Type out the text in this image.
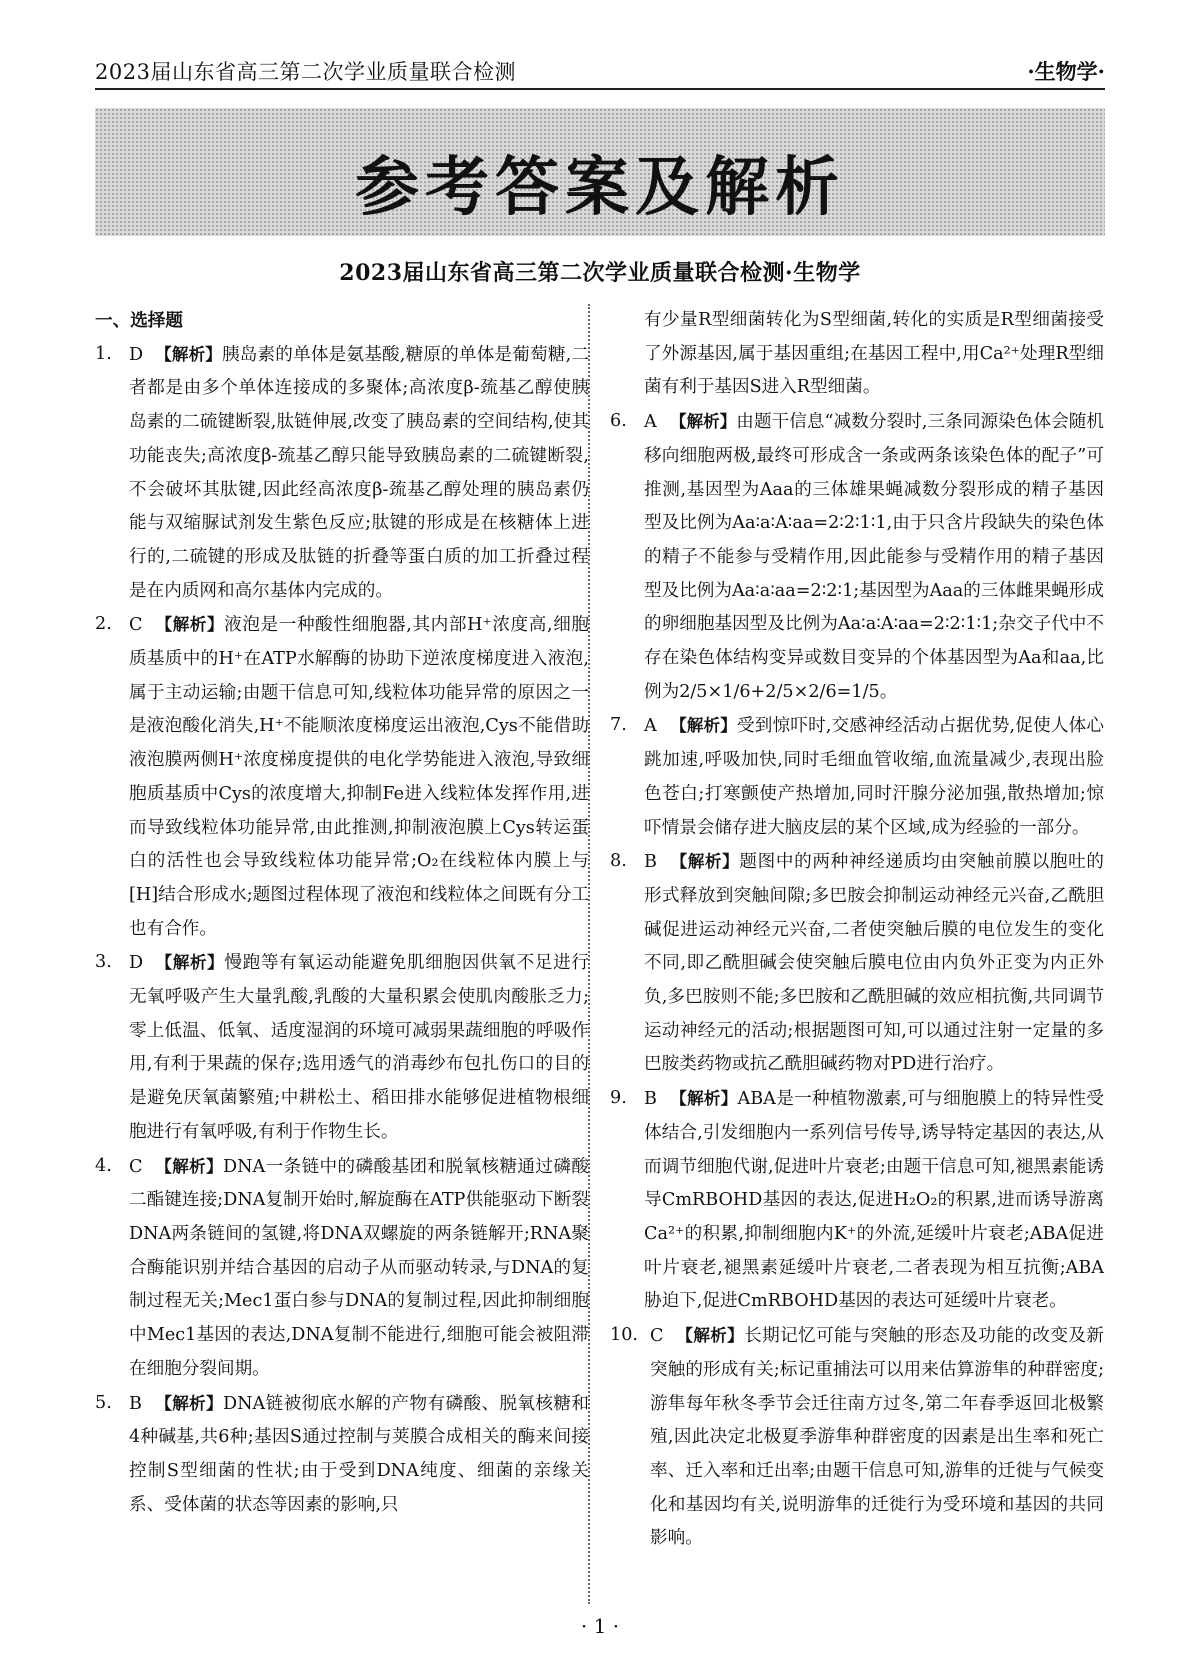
2023届山东省高三第二次学业质量联合检测	·生物学·
参考答案及解析
2023届山东省高三第二次学业质量联合检测·生物学
一、选择题
1. D 【解析】胰岛素的单体是氨基酸,糖原的单体是葡萄糖,二者都是由多个单体连接成的多聚体;高浓度β-巯基乙醇使胰岛素的二硫键断裂,肽链伸展,改变了胰岛素的空间结构,使其功能丧失;高浓度β-巯基乙醇只能导致胰岛素的二硫键断裂,不会破坏其肽键,因此经高浓度β-巯基乙醇处理的胰岛素仍能与双缩脲试剂发生紫色反应;肽键的形成是在核糖体上进行的,二硫键的形成及肽链的折叠等蛋白质的加工折叠过程是在内质网和高尔基体内完成的。
2. C 【解析】液泡是一种酸性细胞器,其内部H⁺浓度高,细胞质基质中的H⁺在ATP水解酶的协助下逆浓度梯度进入液泡,属于主动运输;由题干信息可知,线粒体功能异常的原因之一是液泡酸化消失,H⁺不能顺浓度梯度运出液泡,Cys不能借助液泡膜两侧H⁺浓度梯度提供的电化学势能进入液泡,导致细胞质基质中Cys的浓度增大,抑制Fe进入线粒体发挥作用,进而导致线粒体功能异常,由此推测,抑制液泡膜上Cys转运蛋白的活性也会导致线粒体功能异常;O₂在线粒体内膜上与[H]结合形成水;题图过程体现了液泡和线粒体之间既有分工也有合作。
3. D 【解析】慢跑等有氧运动能避免肌细胞因供氧不足进行无氧呼吸产生大量乳酸,乳酸的大量积累会使肌肉酸胀乏力;零上低温、低氧、适度湿润的环境可减弱果蔬细胞的呼吸作用,有利于果蔬的保存;选用透气的消毒纱布包扎伤口的目的是避免厌氧菌繁殖;中耕松土、稻田排水能够促进植物根细胞进行有氧呼吸,有利于作物生长。
4. C 【解析】DNA一条链中的磷酸基团和脱氧核糖通过磷酸二酯键连接;DNA复制开始时,解旋酶在ATP供能驱动下断裂DNA两条链间的氢键,将DNA双螺旋的两条链解开;RNA聚合酶能识别并结合基因的启动子从而驱动转录,与DNA的复制过程无关;Mec1蛋白参与DNA的复制过程,因此抑制细胞中Mec1基因的表达,DNA复制不能进行,细胞可能会被阻滞在细胞分裂间期。
5. B 【解析】DNA链被彻底水解的产物有磷酸、脱氧核糖和4种碱基,共6种;基因S通过控制与荚膜合成相关的酶来间接控制S型细菌的性状;由于受到DNA纯度、细菌的亲缘关系、受体菌的状态等因素的影响,只
有少量R型细菌转化为S型细菌,转化的实质是R型细菌接受了外源基因,属于基因重组;在基因工程中,用Ca²⁺处理R型细菌有利于基因S进入R型细菌。
6. A 【解析】由题干信息“减数分裂时,三条同源染色体会随机移向细胞两极,最终可形成含一条或两条该染色体的配子”可推测,基因型为Aaa的三体雄果蝇减数分裂形成的精子基因型及比例为Aa∶a∶A∶aa=2∶2∶1∶1,由于只含片段缺失的染色体的精子不能参与受精作用,因此能参与受精作用的精子基因型及比例为Aa∶a∶aa=2∶2∶1;基因型为Aaa的三体雌果蝇形成的卵细胞基因型及比例为Aa∶a∶A∶aa=2∶2∶1∶1;杂交子代中不存在染色体结构变异或数目变异的个体基因型为Aa和aa,比例为2/5×1/6+2/5×2/6=1/5。
7. A 【解析】受到惊吓时,交感神经活动占据优势,促使人体心跳加速,呼吸加快,同时毛细血管收缩,血流量减少,表现出脸色苍白;打寒颤使产热增加,同时汗腺分泌加强,散热增加;惊吓情景会储存进大脑皮层的某个区域,成为经验的一部分。
8. B 【解析】题图中的两种神经递质均由突触前膜以胞吐的形式释放到突触间隙;多巴胺会抑制运动神经元兴奋,乙酰胆碱促进运动神经元兴奋,二者使突触后膜的电位发生的变化不同,即乙酰胆碱会使突触后膜电位由内负外正变为内正外负,多巴胺则不能;多巴胺和乙酰胆碱的效应相抗衡,共同调节运动神经元的活动;根据题图可知,可以通过注射一定量的多巴胺类药物或抗乙酰胆碱药物对PD进行治疗。
9. B 【解析】ABA是一种植物激素,可与细胞膜上的特异性受体结合,引发细胞内一系列信号传导,诱导特定基因的表达,从而调节细胞代谢,促进叶片衰老;由题干信息可知,褪黑素能诱导CmRBOHD基因的表达,促进H₂O₂的积累,进而诱导游离Ca²⁺的积累,抑制细胞内K⁺的外流,延缓叶片衰老;ABA促进叶片衰老,褪黑素延缓叶片衰老,二者表现为相互抗衡;ABA胁迫下,促进CmRBOHD基因的表达可延缓叶片衰老。
10. C 【解析】长期记忆可能与突触的形态及功能的改变及新突触的形成有关;标记重捕法可以用来估算游隼的种群密度;游隼每年秋冬季节会迁往南方过冬,第二年春季返回北极繁殖,因此决定北极夏季游隼种群密度的因素是出生率和死亡率、迁入率和迁出率;由题干信息可知,游隼的迁徙与气候变化和基因均有关,说明游隼的迁徙行为受环境和基因的共同影响。
· 1 ·
